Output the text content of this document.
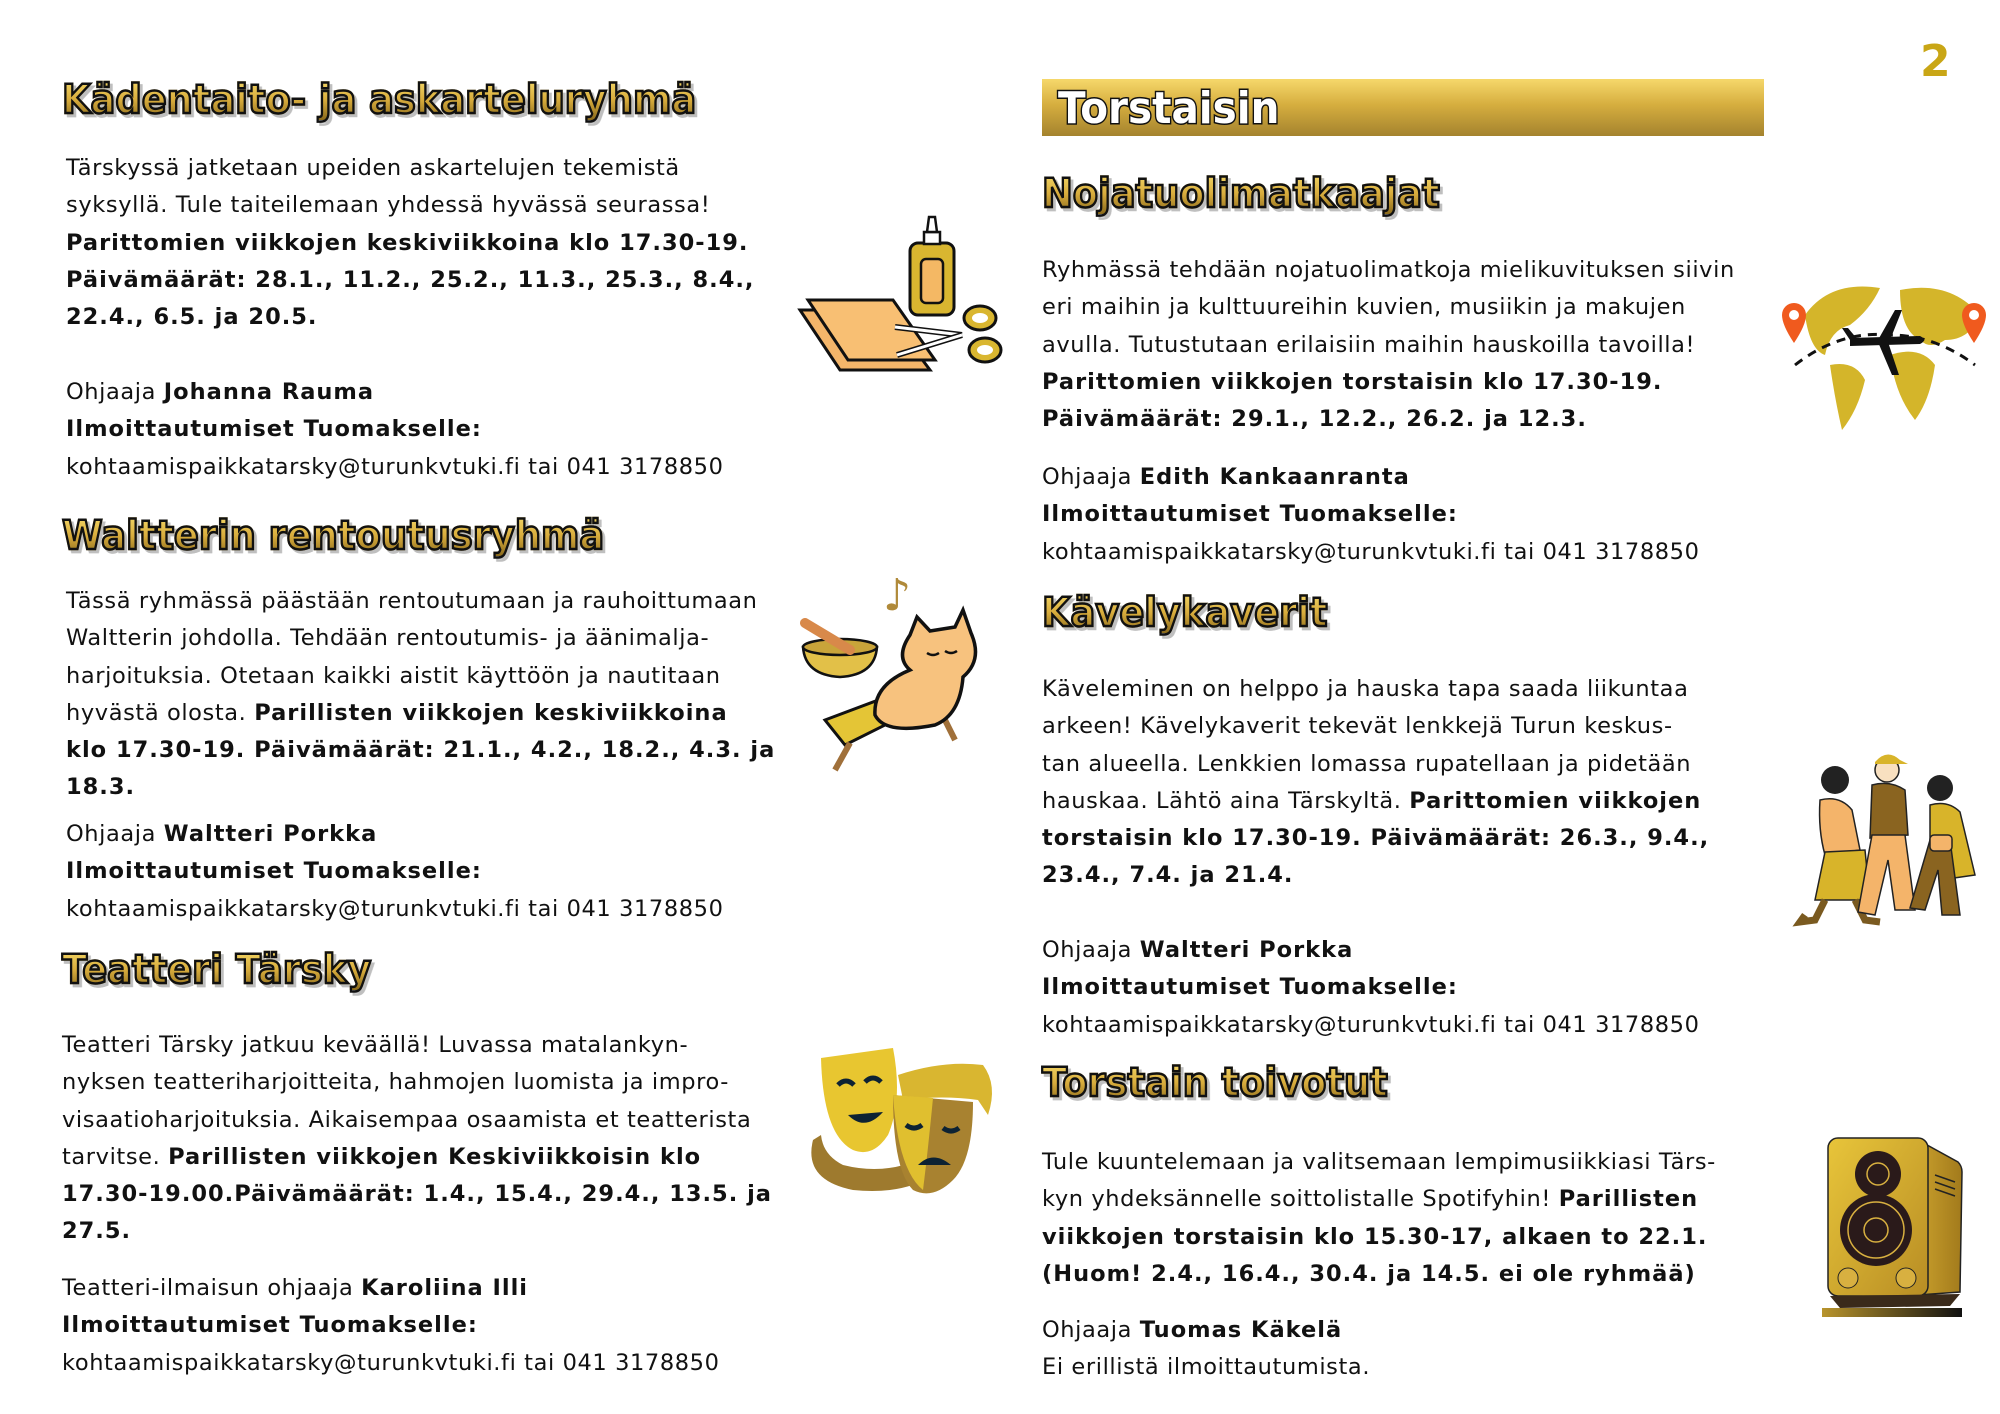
2
Kädentaito- ja askarteluryhmä
Tärskyssä jatketaan upeiden askartelujen tekemistä
syksyllä. Tule taiteilemaan yhdessä hyvässä seurassa!
Parittomien viikkojen keskiviikkoina klo 17.30-19.
Päivämäärät: 28.1., 11.2., 25.2., 11.3., 25.3., 8.4.,
22.4., 6.5. ja 20.5.
Ohjaaja Johanna Rauma
Ilmoittautumiset Tuomakselle:
kohtaamispaikkatarsky@turunkvtuki.fi tai 041 3178850
Waltterin rentoutusryhmä
Tässä ryhmässä päästään rentoutumaan ja rauhoittumaan
Waltterin johdolla. Tehdään rentoutumis- ja äänimalja-
harjoituksia. Otetaan kaikki aistit käyttöön ja nautitaan
hyvästä olosta. Parillisten viikkojen keskiviikkoina
klo 17.30-19. Päivämäärät: 21.1., 4.2., 18.2., 4.3. ja
18.3.
Ohjaaja Waltteri Porkka
Ilmoittautumiset Tuomakselle:
kohtaamispaikkatarsky@turunkvtuki.fi tai 041 3178850
♪
Teatteri Tärsky
Teatteri Tärsky jatkuu keväällä! Luvassa matalankyn-
nyksen teatteriharjoitteita, hahmojen luomista ja impro-
visaatioharjoituksia. Aikaisempaa osaamista et teatterista
tarvitse. Parillisten viikkojen Keskiviikkoisin klo
17.30-19.00.Päivämäärät: 1.4., 15.4., 29.4., 13.5. ja
27.5.
Teatteri-ilmaisun ohjaaja Karoliina Illi
Ilmoittautumiset Tuomakselle:
kohtaamispaikkatarsky@turunkvtuki.fi tai 041 3178850
Torstaisin
Nojatuolimatkaajat
Ryhmässä tehdään nojatuolimatkoja mielikuvituksen siivin
eri maihin ja kulttuureihin kuvien, musiikin ja makujen
avulla. Tutustutaan erilaisiin maihin hauskoilla tavoilla!
Parittomien viikkojen torstaisin klo 17.30-19.
Päivämäärät: 29.1., 12.2., 26.2. ja 12.3.
Ohjaaja Edith Kankaanranta
Ilmoittautumiset Tuomakselle:
kohtaamispaikkatarsky@turunkvtuki.fi tai 041 3178850
Kävelykaverit
Käveleminen on helppo ja hauska tapa saada liikuntaa
arkeen! Kävelykaverit tekevät lenkkejä Turun keskus-
tan alueella. Lenkkien lomassa rupatellaan ja pidetään
hauskaa. Lähtö aina Tärskyltä. Parittomien viikkojen
torstaisin klo 17.30-19. Päivämäärät: 26.3., 9.4.,
23.4., 7.4. ja 21.4.
Ohjaaja Waltteri Porkka
Ilmoittautumiset Tuomakselle:
kohtaamispaikkatarsky@turunkvtuki.fi tai 041 3178850
Torstain toivotut
Tule kuuntelemaan ja valitsemaan lempimusiikkiasi Tärs-
kyn yhdeksännelle soittolistalle Spotifyhin! Parillisten
viikkojen torstaisin klo 15.30-17, alkaen to 22.1.
(Huom! 2.4., 16.4., 30.4. ja 14.5. ei ole ryhmää)
Ohjaaja Tuomas Käkelä
Ei erillistä ilmoittautumista.
